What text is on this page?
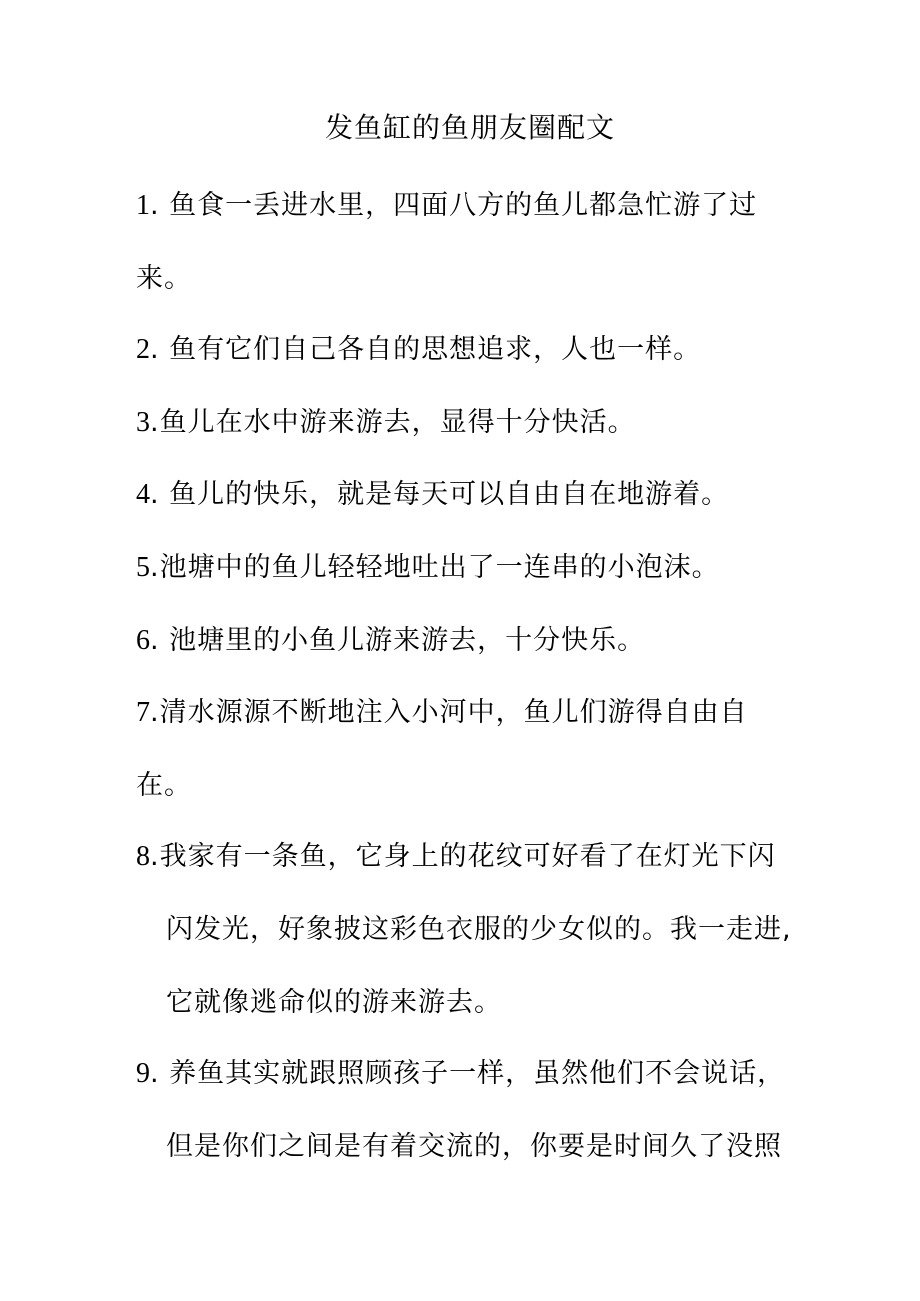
发鱼缸的鱼朋友圈配文
1. 鱼食一丢进水里，四面八方的鱼儿都急忙游了过
来。
2. 鱼有它们自己各自的思想追求，人也一样。
3.鱼儿在水中游来游去，显得十分快活。
4. 鱼儿的快乐，就是每天可以自由自在地游着。
5.池塘中的鱼儿轻轻地吐出了一连串的小泡沫。
6. 池塘里的小鱼儿游来游去，十分快乐。
7.清水源源不断地注入小河中，鱼儿们游得自由自
在。
8.我家有一条鱼，它身上的花纹可好看了在灯光下闪
闪发光，好象披这彩色衣服的少女似的。我一走进,
它就像逃命似的游来游去。
9. 养鱼其实就跟照顾孩子一样，虽然他们不会说话，
但是你们之间是有着交流的，你要是时间久了没照
